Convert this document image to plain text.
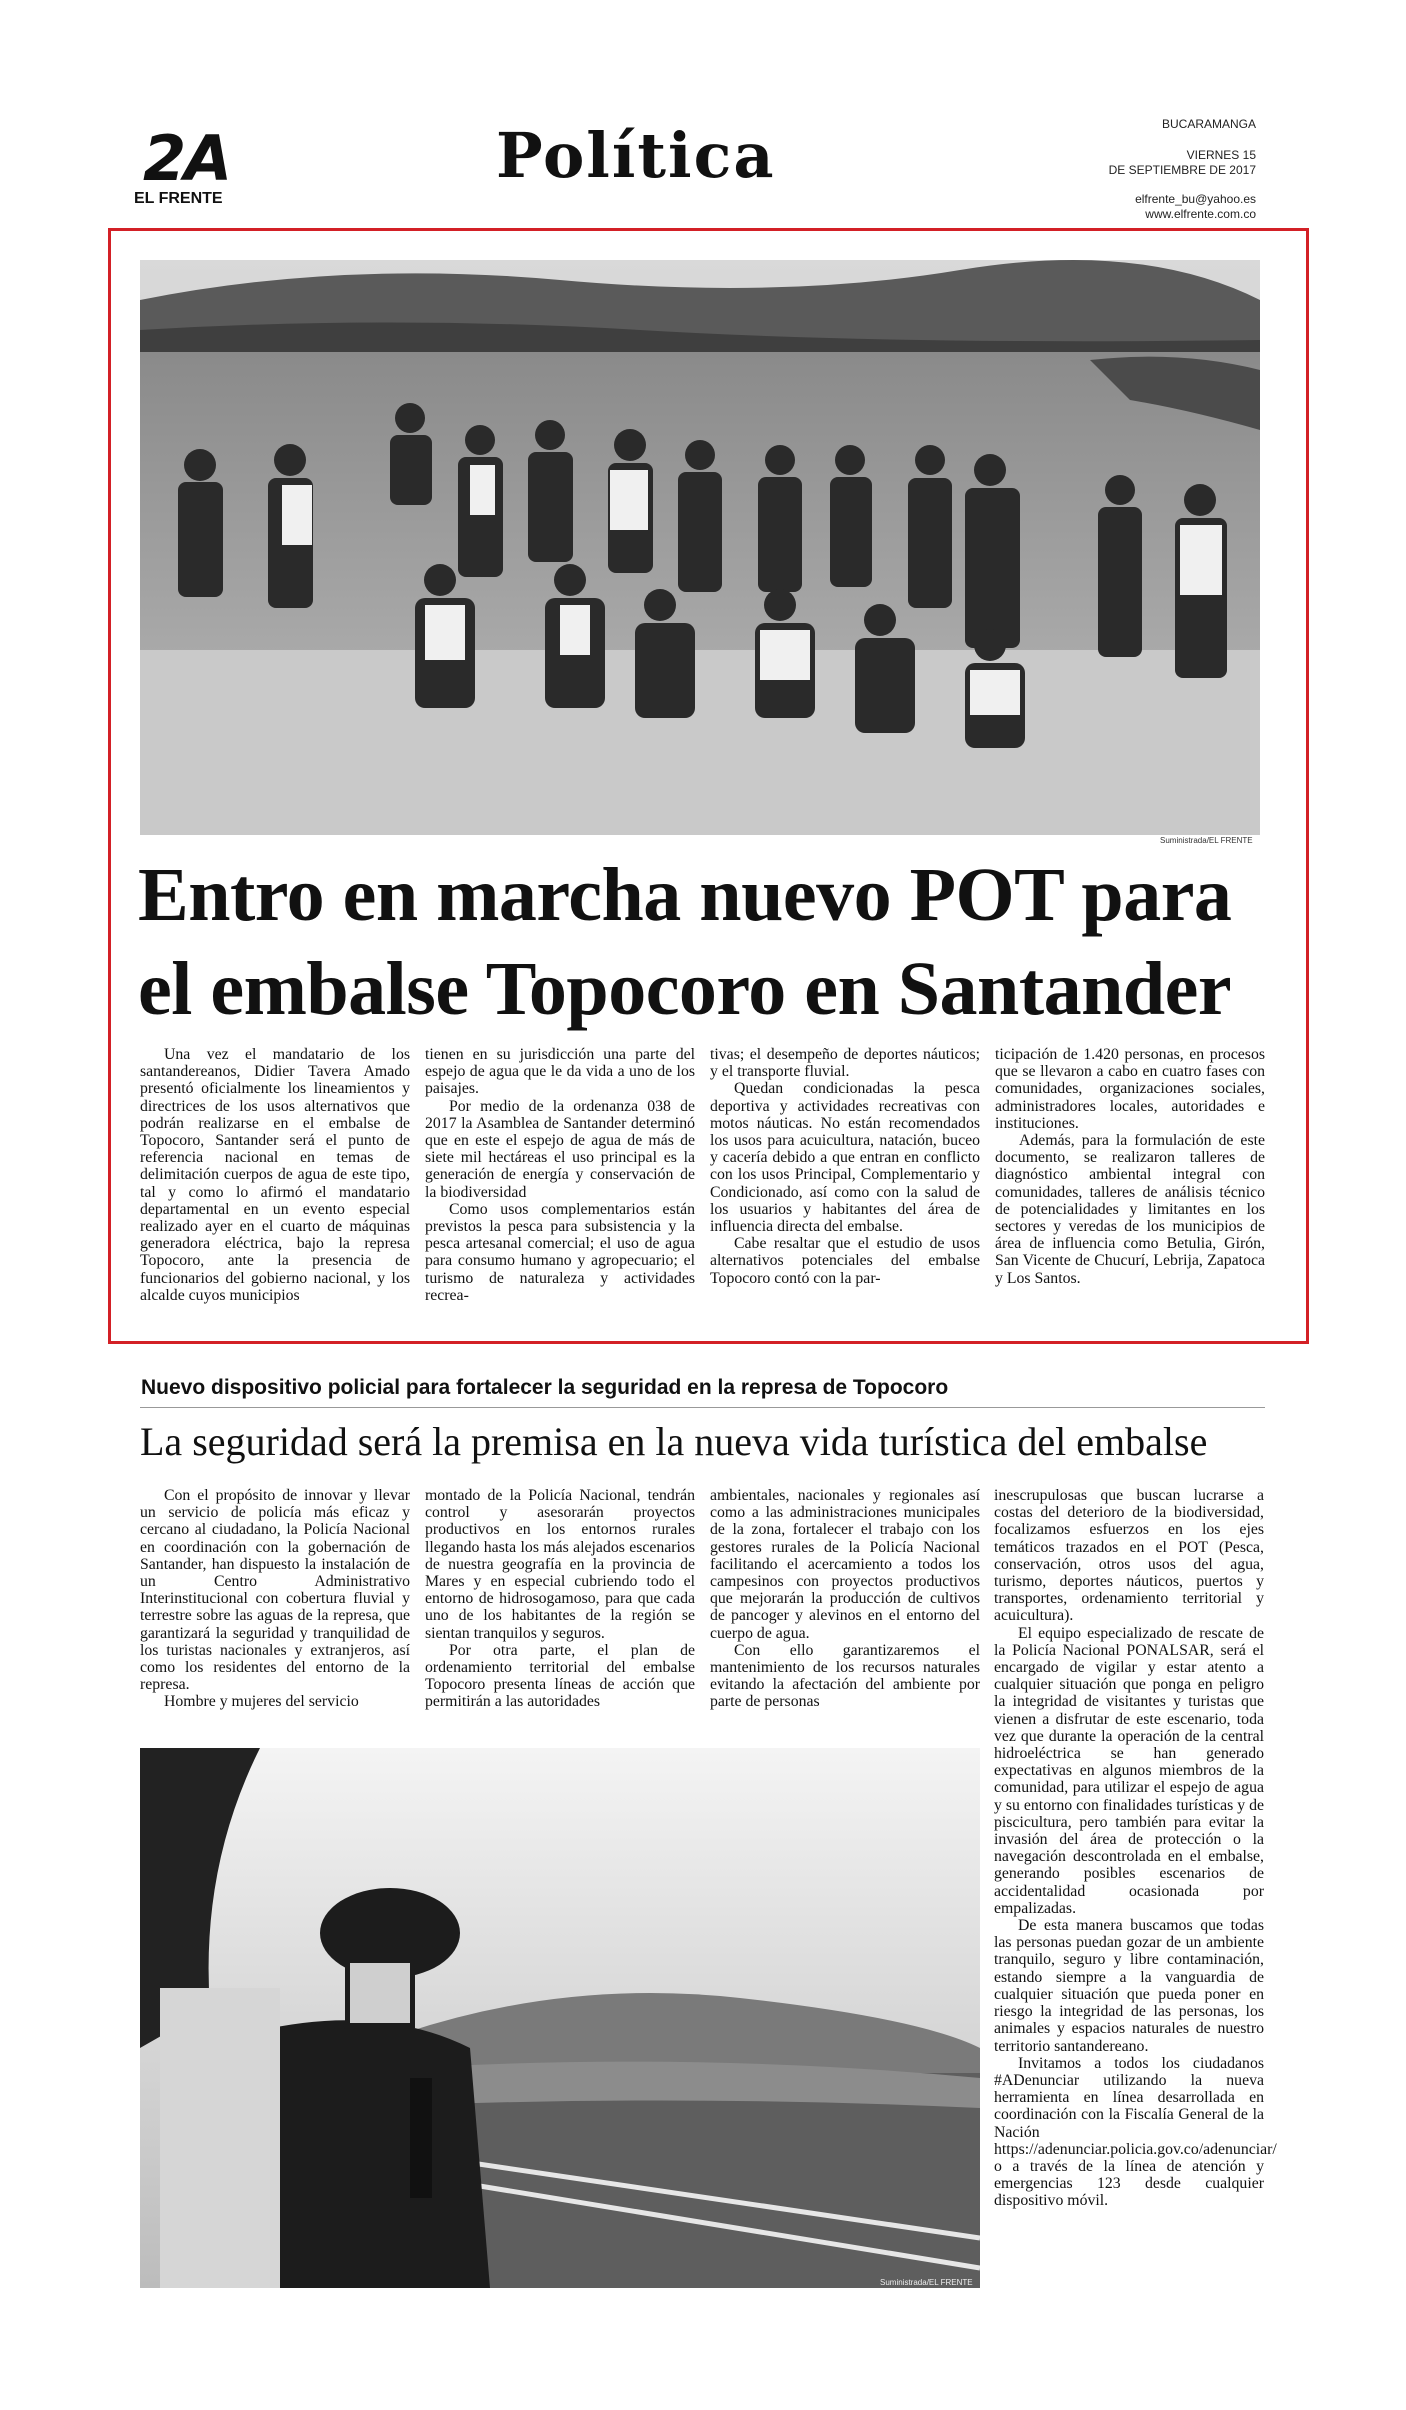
2A
EL FRENTE
Política	BUCARAMANGA
VIERNES 15
DE SEPTIEMBRE DE 2017
elfrente_bu@yahoo.es
www.elfrente.com.co
Suministrada/EL FRENTE
Entro en marcha nuevo POT para
el embalse Topocoro en Santander

Una vez el mandatario de los santandereanos, Didier Tavera Amado presentó oficialmente los lineamientos y directrices de los usos alternativos que podrán realizarse en el embalse de Topocoro, Santander será el punto de referencia nacional en temas de delimitación cuerpos de agua de este tipo, tal y como lo afirmó el mandatario departamental en un evento especial realizado ayer en el cuarto de máquinas generadora eléctrica, bajo la represa Topocoro, ante la presencia de funcionarios del gobierno nacional, y los alcalde cuyos municipios

tienen en su jurisdicción una parte del espejo de agua que le da vida a uno de los paisajes.

Por medio de la ordenanza 038 de 2017 la Asamblea de Santander determinó que en este el espejo de agua de más de siete mil hectáreas el uso principal es la generación de energía y conservación de la biodiversidad

Como usos complementarios están previstos la pesca para subsistencia y la pesca artesanal comercial; el uso de agua para consumo humano y agropecuario; el turismo de naturaleza y actividades recrea-

tivas; el desempeño de deportes náuticos; y el transporte fluvial.

Quedan condicionadas la pesca deportiva y actividades recreativas con motos náuticas. No están recomendados los usos para acuicultura, natación, buceo y cacería debido a que entran en conflicto con los usos Principal, Complementario y Condicionado, así como con la salud de los usuarios y habitantes del área de influencia directa del embalse.

Cabe resaltar que el estudio de usos alternativos potenciales del embalse Topocoro contó con la par-

ticipación de 1.420 personas, en procesos que se llevaron a cabo en cuatro fases con comunidades, organizaciones sociales, administradores locales, autoridades e instituciones.

Además, para la formulación de este documento, se realizaron talleres de diagnóstico ambiental integral con comunidades, talleres de análisis técnico de potencialidades y limitantes en los sectores y veredas de los municipios de área de influencia como Betulia, Girón, San Vicente de Chucurí, Lebrija, Zapatoca y Los Santos.

Nuevo dispositivo policial para fortalecer la seguridad en la represa de Topocoro
La seguridad será la premisa en la nueva vida turística del embalse

Con el propósito de innovar y llevar un servicio de policía más eficaz y cercano al ciudadano, la Policía Nacional en coordinación con la gobernación de Santander, han dispuesto la instalación de un Centro Administrativo Interinstitucional con cobertura fluvial y terrestre sobre las aguas de la represa, que garantizará la seguridad y tranquilidad de los turistas nacionales y extranjeros, así como los residentes del entorno de la represa.

Hombre y mujeres del servicio

montado de la Policía Nacional, tendrán control y asesorarán proyectos productivos en los entornos rurales llegando hasta los más alejados escenarios de nuestra geografía en la provincia de Mares y en especial cubriendo todo el entorno de hidrosogamoso, para que cada uno de los habitantes de la región se sientan tranquilos y seguros.

Por otra parte, el plan de ordenamiento territorial del embalse Topocoro presenta líneas de acción que permitirán a las autoridades

ambientales, nacionales y regionales así como a las administraciones municipales de la zona, fortalecer el trabajo con los gestores rurales de la Policía Nacional facilitando el acercamiento a todos los campesinos con proyectos productivos que mejorarán la producción de cultivos de pancoger y alevinos en el entorno del cuerpo de agua.

Con ello garantizaremos el mantenimiento de los recursos naturales evitando la afectación del ambiente por parte de personas

inescrupulosas que buscan lucrarse a costas del deterioro de la biodiversidad, focalizamos esfuerzos en los ejes temáticos trazados en el POT (Pesca, conservación, otros usos del agua, turismo, deportes náuticos, puertos y transportes, ordenamiento territorial y acuicultura).

El equipo especializado de rescate de la Policía Nacional PONALSAR, será el encargado de vigilar y estar atento a cualquier situación que ponga en peligro la integridad de visitantes y turistas que vienen a disfrutar de este escenario, toda vez que durante la operación de la central hidroeléctrica se han generado expectativas en algunos miembros de la comunidad, para utilizar el espejo de agua y su entorno con finalidades turísticas y de piscicultura, pero también para evitar la invasión del área de protección o la navegación descontrolada en el embalse, generando posibles escenarios de accidentalidad ocasionada por empalizadas.

De esta manera buscamos que todas las personas puedan gozar de un ambiente tranquilo, seguro y libre contaminación, estando siempre a la vanguardia de cualquier situación que pueda poner en riesgo la integridad de las personas, los animales y espacios naturales de nuestro territorio santandereano.

Invitamos a todos los ciudadanos #ADenunciar utilizando la nueva herramienta en línea desarrollada en coordinación con la Fiscalía General de la Nación https://adenunciar.policia.gov.co/adenunciar/ o a través de la línea de atención y emergencias 123 desde cualquier dispositivo móvil.

Suministrada/EL FRENTE
